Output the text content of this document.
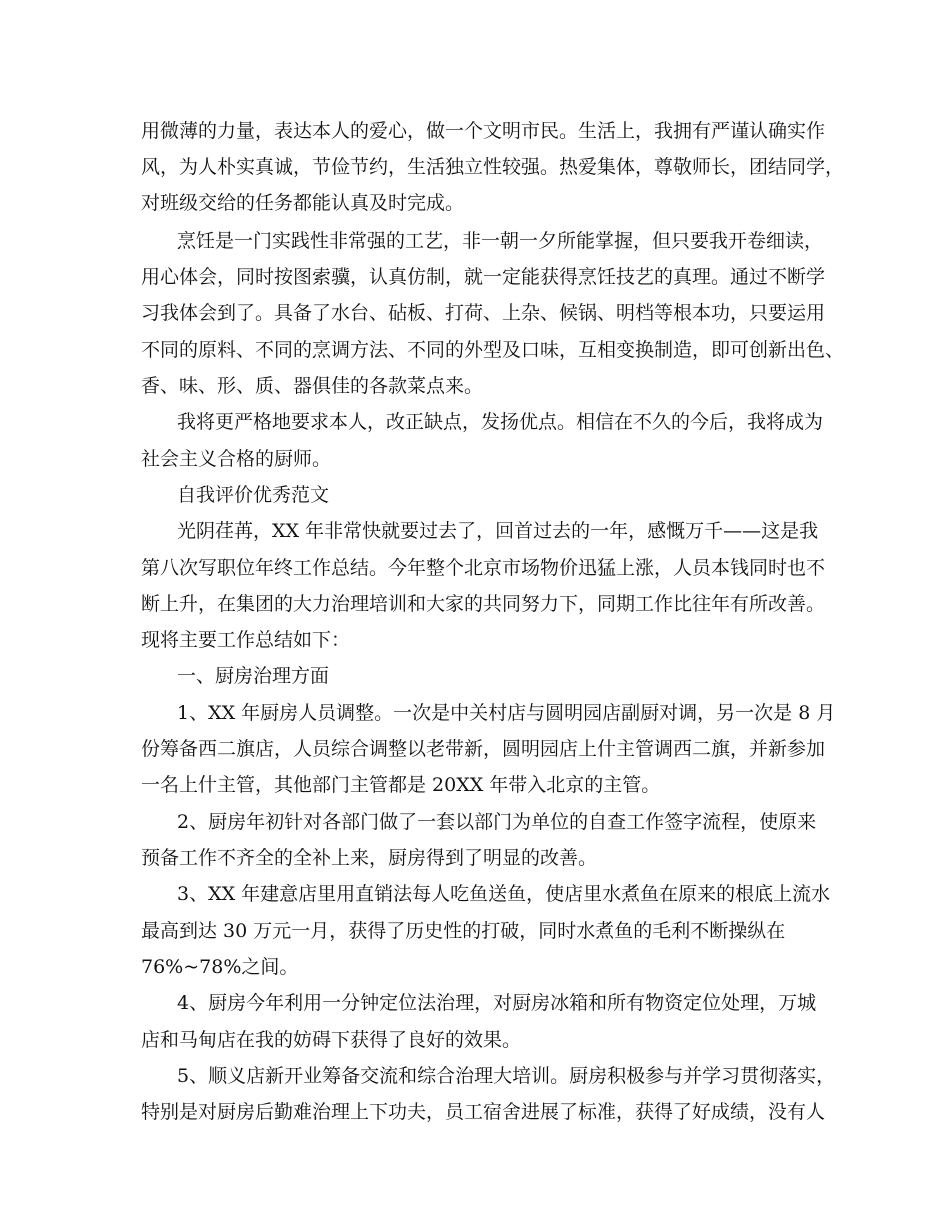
用微薄的力量，表达本人的爱心，做一个文明市民。生活上，我拥有严谨认确实作
风，为人朴实真诚，节俭节约，生活独立性较强。热爱集体，尊敬师长，团结同学，
对班级交给的任务都能认真及时完成。
烹饪是一门实践性非常强的工艺，非一朝一夕所能掌握，但只要我开卷细读，
用心体会，同时按图索骥，认真仿制，就一定能获得烹饪技艺的真理。通过不断学
习我体会到了。具备了水台、砧板、打荷、上杂、候锅、明档等根本功，只要运用
不同的原料、不同的烹调方法、不同的外型及口味，互相变换制造，即可创新出色、
香、味、形、质、器俱佳的各款菜点来。
我将更严格地要求本人，改正缺点，发扬优点。相信在不久的今后，我将成为
社会主义合格的厨师。
自我评价优秀范文
光阴荏苒，XX 年非常快就要过去了，回首过去的一年，感慨万千——这是我
第八次写职位年终工作总结。今年整个北京市场物价迅猛上涨，人员本钱同时也不
断上升，在集团的大力治理培训和大家的共同努力下，同期工作比往年有所改善。
现将主要工作总结如下：
一、厨房治理方面
1、XX 年厨房人员调整。一次是中关村店与圆明园店副厨对调，另一次是 8 月
份筹备西二旗店，人员综合调整以老带新，圆明园店上什主管调西二旗，并新参加
一名上什主管，其他部门主管都是 20XX 年带入北京的主管。
2、厨房年初针对各部门做了一套以部门为单位的自查工作签字流程，使原来
预备工作不齐全的全补上来，厨房得到了明显的改善。
3、XX 年建意店里用直销法每人吃鱼送鱼，使店里水煮鱼在原来的根底上流水
最高到达 30 万元一月，获得了历史性的打破，同时水煮鱼的毛利不断操纵在
76%~78%之间。
4、厨房今年利用一分钟定位法治理，对厨房冰箱和所有物资定位处理，万城
店和马甸店在我的妨碍下获得了良好的效果。
5、顺义店新开业筹备交流和综合治理大培训。厨房积极参与并学习贯彻落实，
特别是对厨房后勤难治理上下功夫，员工宿舍进展了标准，获得了好成绩，没有人
